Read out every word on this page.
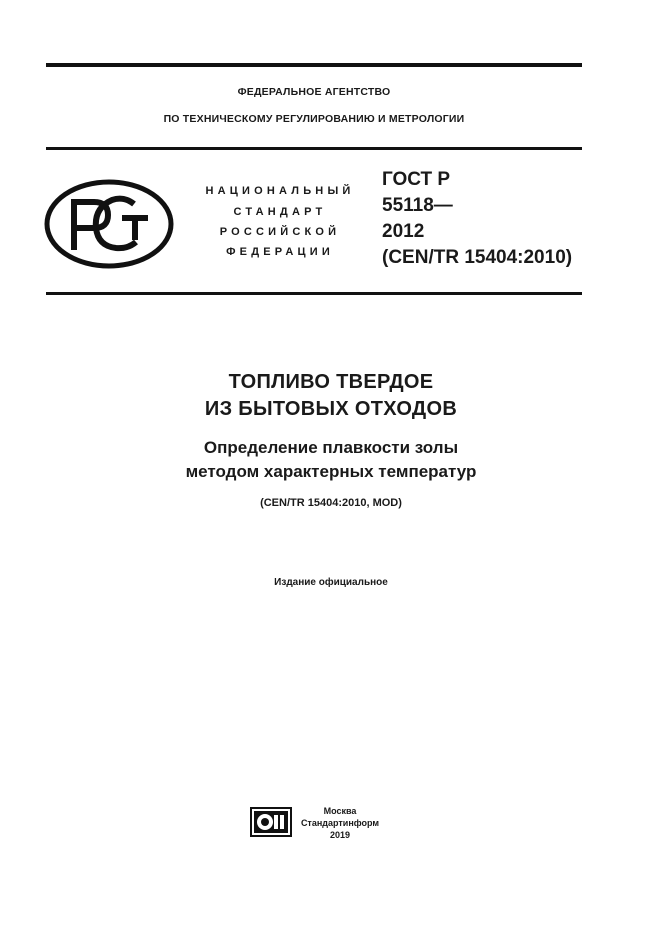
ФЕДЕРАЛЬНОЕ АГЕНТСТВО
ПО ТЕХНИЧЕСКОМУ РЕГУЛИРОВАНИЮ И МЕТРОЛОГИИ
НАЦИОНАЛЬНЫЙ
СТАНДАРТ
РОССИЙСКОЙ
ФЕДЕРАЦИИ
ГОСТ Р
55118—
2012
(CEN/TR 15404:2010)
ТОПЛИВО ТВЕРДОЕ
ИЗ БЫТОВЫХ ОТХОДОВ
Определение плавкости золы
методом характерных температур
(CEN/TR 15404:2010, MOD)
Издание официальное
Москва
Стандартинформ
2019
